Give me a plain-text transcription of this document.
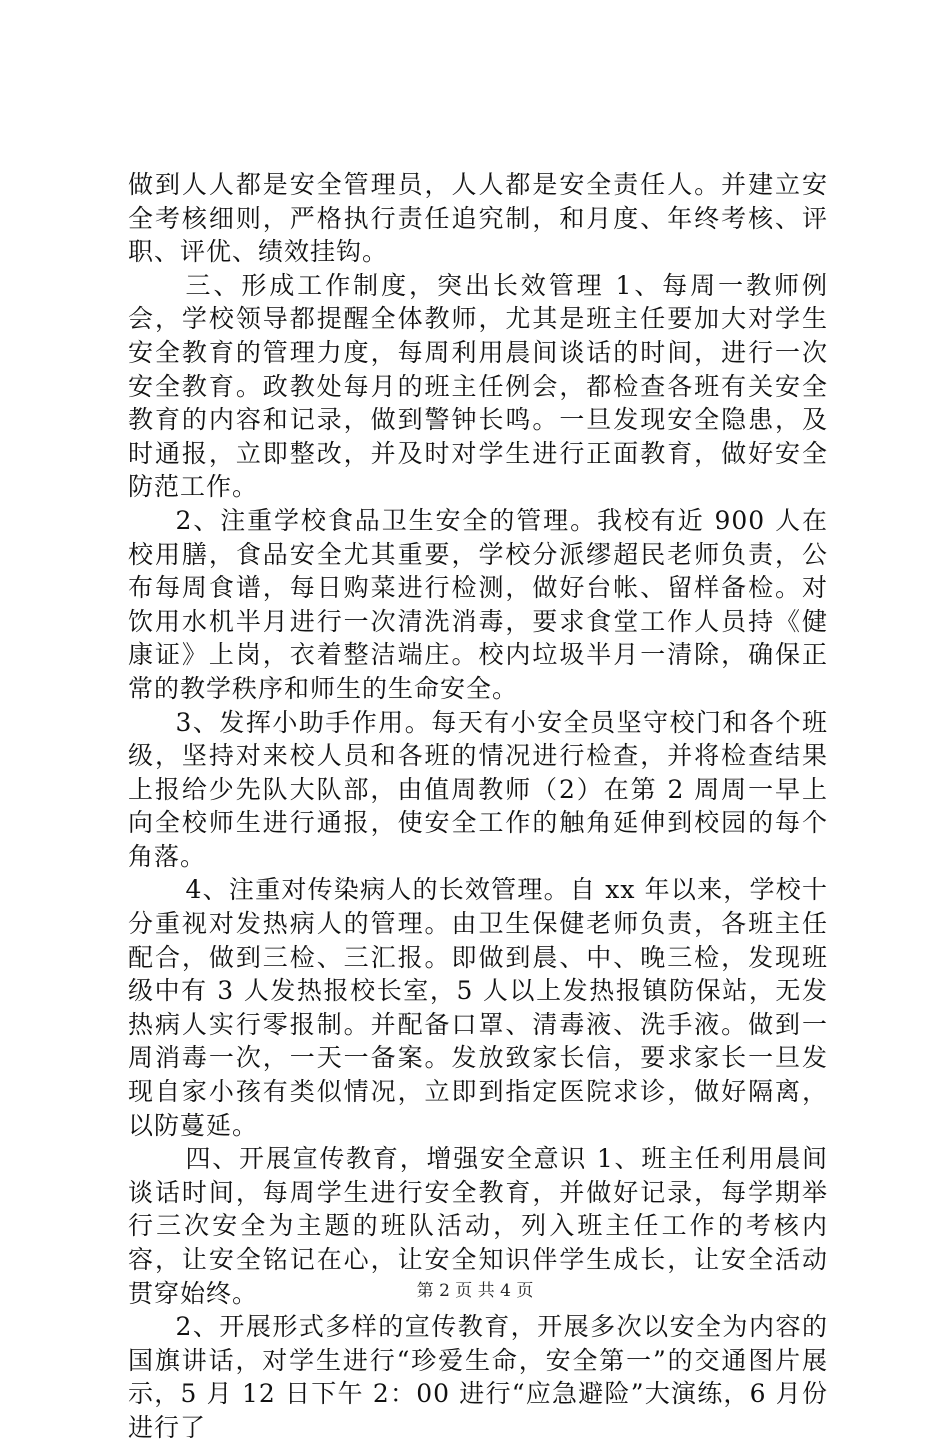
做到人人都是安全管理员，人人都是安全责任人。并建立安全考核细则，严格执行责任追究制，和月度、年终考核、评职、评优、绩效挂钩。

三、形成工作制度，突出长效管理 1、每周一教师例会，学校领导都提醒全体教师，尤其是班主任要加大对学生安全教育的管理力度，每周利用晨间谈话的时间，进行一次安全教育。政教处每月的班主任例会，都检查各班有关安全教育的内容和记录，做到警钟长鸣。一旦发现安全隐患，及时通报，立即整改，并及时对学生进行正面教育，做好安全防范工作。

2、注重学校食品卫生安全的管理。我校有近 900 人在校用膳，食品安全尤其重要，学校分派缪超民老师负责，公布每周食谱，每日购菜进行检测，做好台帐、留样备检。对饮用水机半月进行一次清洗消毒，要求食堂工作人员持《健康证》上岗，衣着整洁端庄。校内垃圾半月一清除，确保正常的教学秩序和师生的生命安全。

3、发挥小助手作用。每天有小安全员坚守校门和各个班级，坚持对来校人员和各班的情况进行检查，并将检查结果上报给少先队大队部，由值周教师（2）在第 2 周周一早上向全校师生进行通报，使安全工作的触角延伸到校园的每个角落。

4、注重对传染病人的长效管理。自 xx 年以来，学校十分重视对发热病人的管理。由卫生保健老师负责，各班主任配合，做到三检、三汇报。即做到晨、中、晚三检，发现班级中有 3 人发热报校长室，5 人以上发热报镇防保站，无发热病人实行零报制。并配备口罩、清毒液、洗手液。做到一周消毒一次，一天一备案。发放致家长信，要求家长一旦发现自家小孩有类似情况，立即到指定医院求诊，做好隔离，以防蔓延。

四、开展宣传教育，增强安全意识 1、班主任利用晨间谈话时间，每周学生进行安全教育，并做好记录，每学期举行三次安全为主题的班队活动，列入班主任工作的考核内容，让安全铭记在心，让安全知识伴学生成长，让安全活动贯穿始终。

2、开展形式多样的宣传教育，开展多次以安全为内容的国旗讲话，对学生进行“珍爱生命，安全第一”的交通图片展示，5 月 12 日下午 2：00 进行“应急避险”大演练，6 月份进行了

第 2 页 共 4 页
